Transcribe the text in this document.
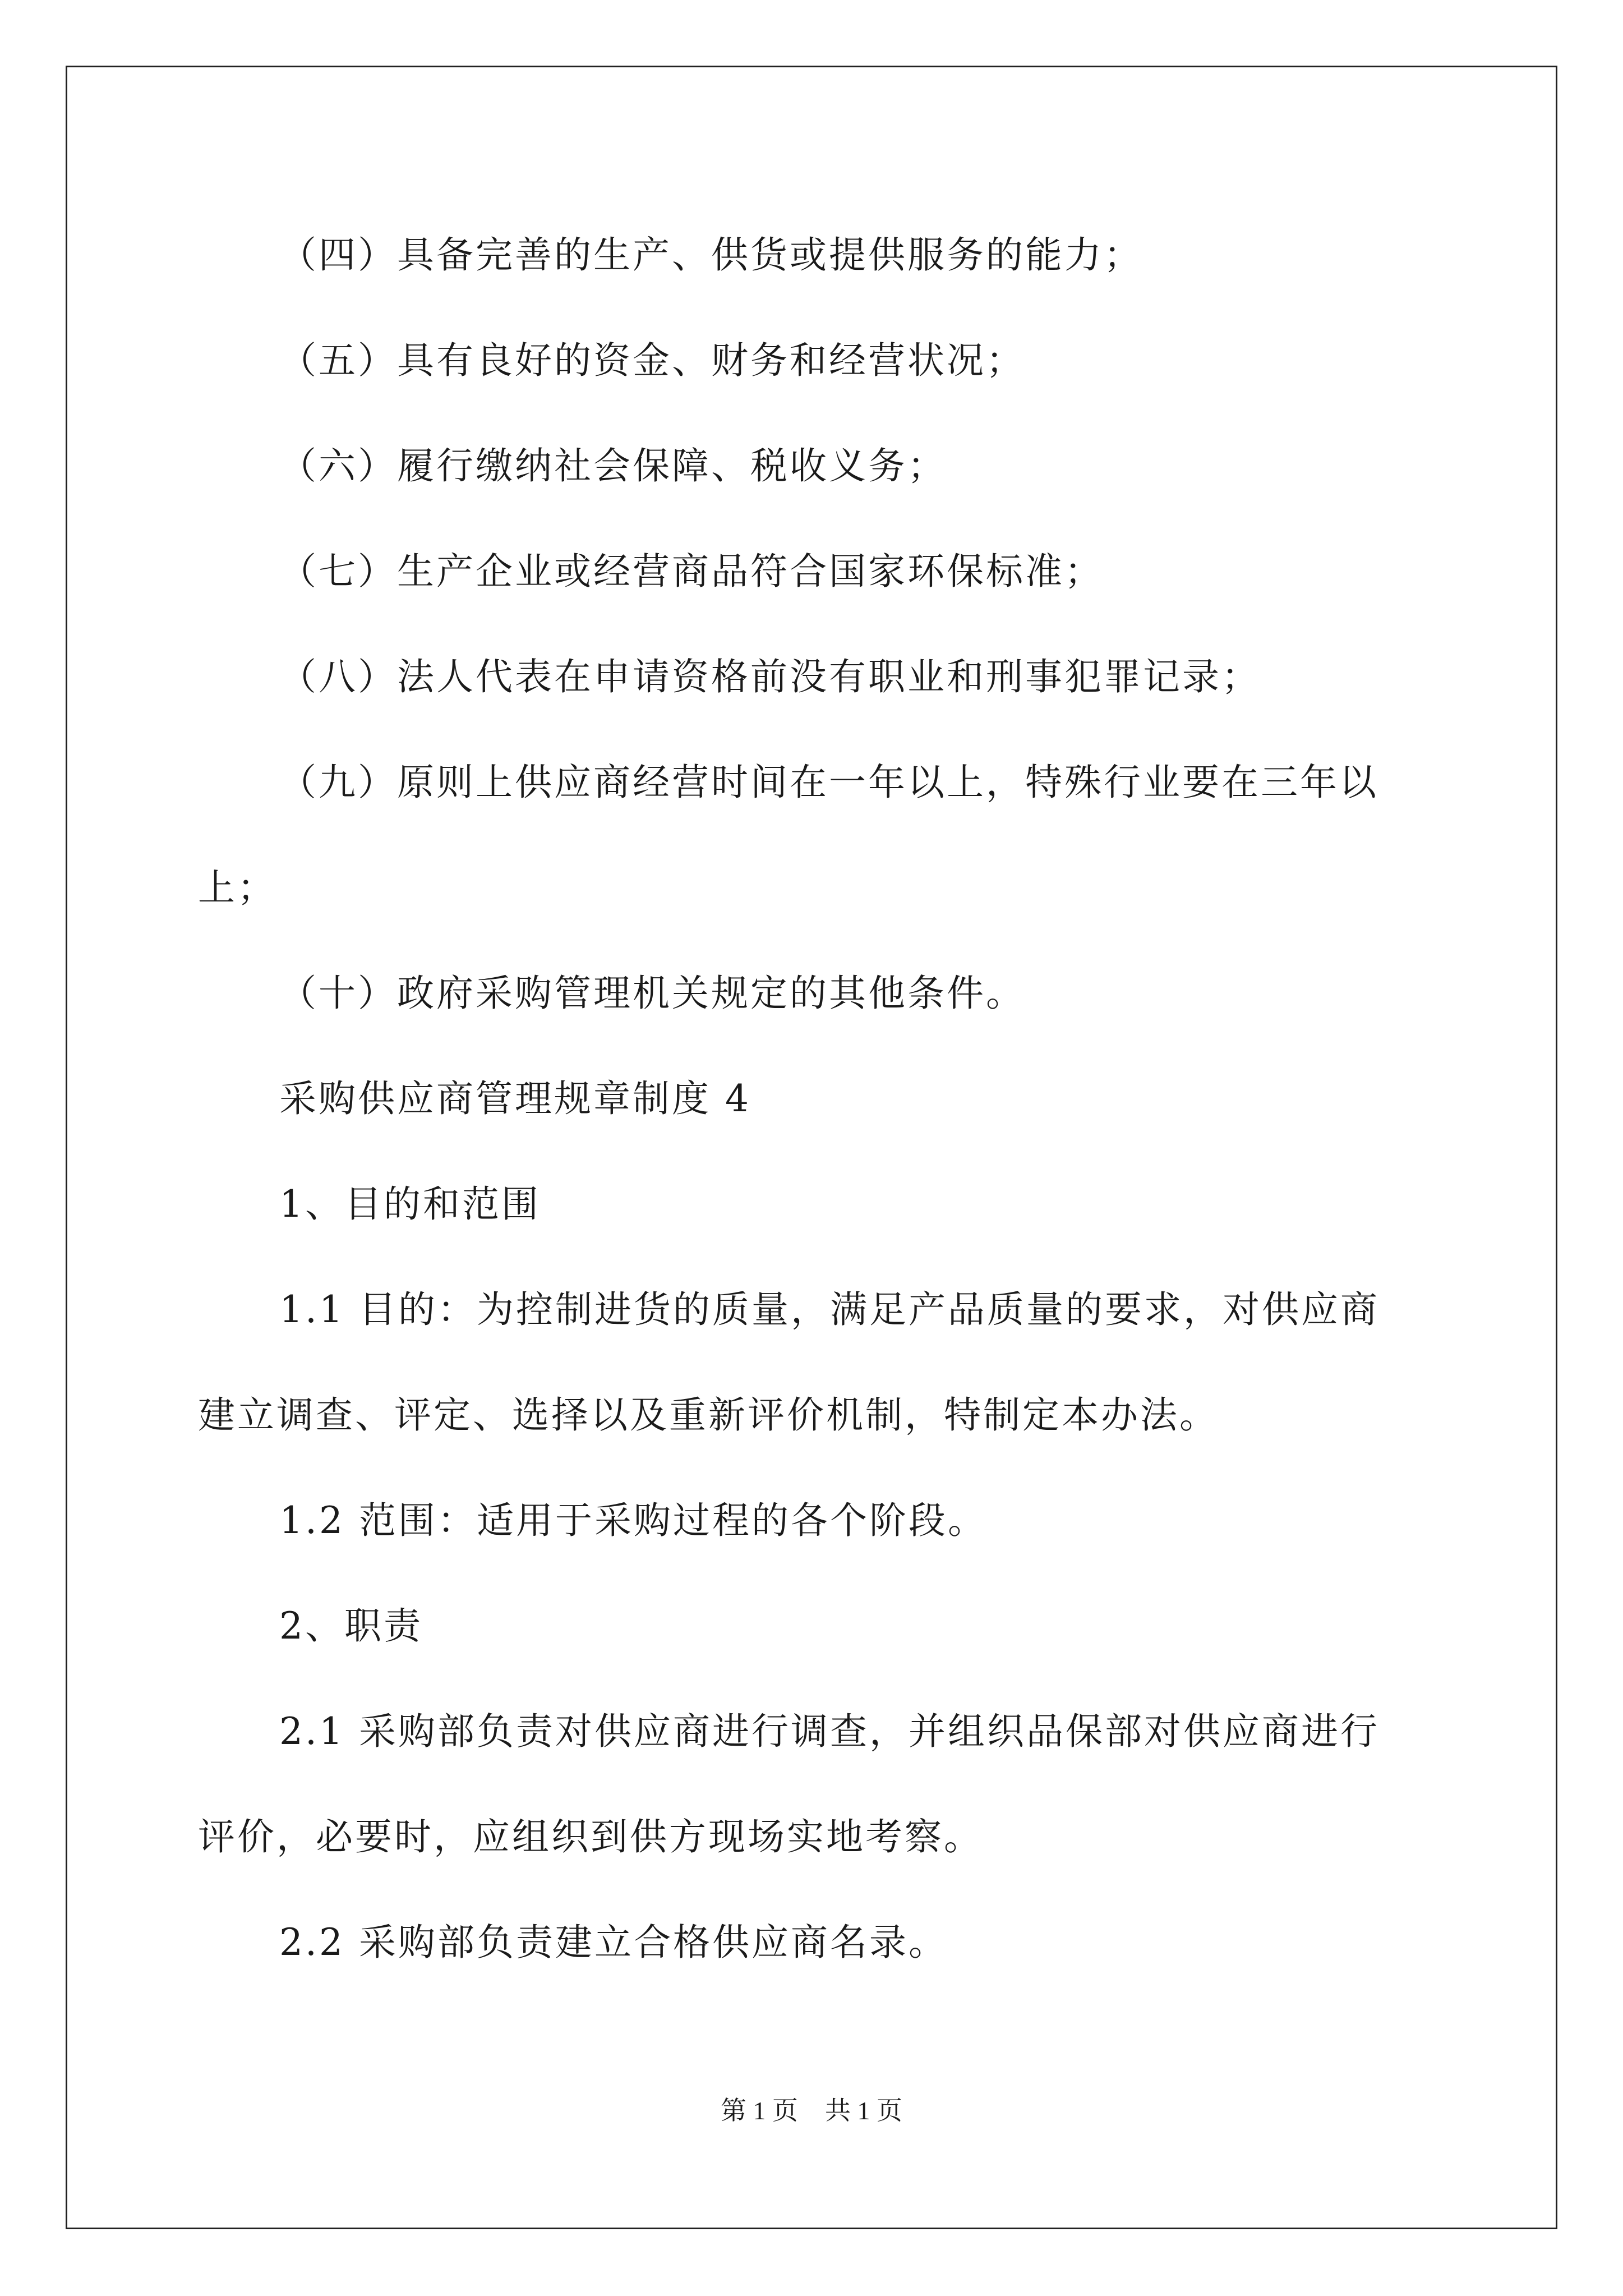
（四）具备完善的生产、供货或提供服务的能力；
（五）具有良好的资金、财务和经营状况；
（六）履行缴纳社会保障、税收义务；
（七）生产企业或经营商品符合国家环保标准；
（八）法人代表在申请资格前没有职业和刑事犯罪记录；
（九）原则上供应商经营时间在一年以上，特殊行业要在三年以
上；
（十）政府采购管理机关规定的其他条件。
采购供应商管理规章制度 4
1、目的和范围
1.1 目的：为控制进货的质量，满足产品质量的要求，对供应商
建立调查、评定、选择以及重新评价机制，特制定本办法。
1.2 范围：适用于采购过程的各个阶段。
2、职责
2.1 采购部负责对供应商进行调查，并组织品保部对供应商进行
评价，必要时，应组织到供方现场实地考察。
2.2 采购部负责建立合格供应商名录。
第 1 页 共 1 页
